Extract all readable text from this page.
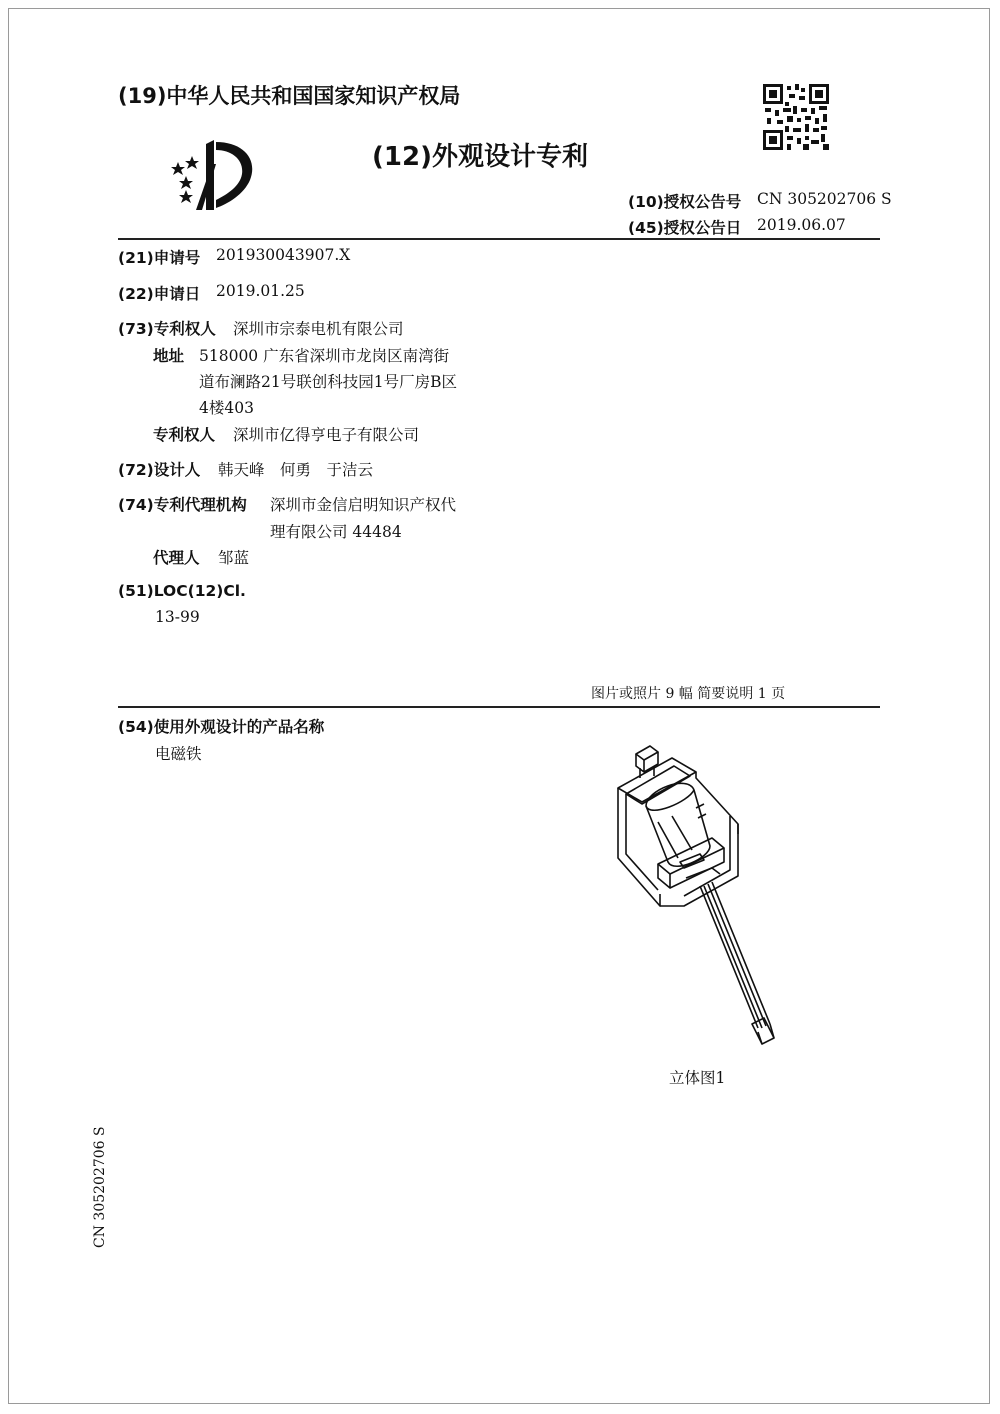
(19)中华人民共和国国家知识产权局
(12)外观设计专利
(10)授权公告号 CN 305202706 S
(45)授权公告日 2019.06.07
(21)申请号 201930043907.X
(22)申请日 2019.01.25
(73)专利权人 深圳市宗泰电机有限公司
地址 518000 广东省深圳市龙岗区南湾街
道布澜路21号联创科技园1号厂房B区
4楼403
专利权人 深圳市亿得亨电子有限公司
(72)设计人 韩天峰　何勇　于洁云
(74)专利代理机构 深圳市金信启明知识产权代
理有限公司 44484
代理人 邹蓝
(51)LOC(12)Cl.
13-99
图片或照片 9 幅 简要说明 1 页
(54)使用外观设计的产品名称
电磁铁
立体图1
CN 305202706 S
